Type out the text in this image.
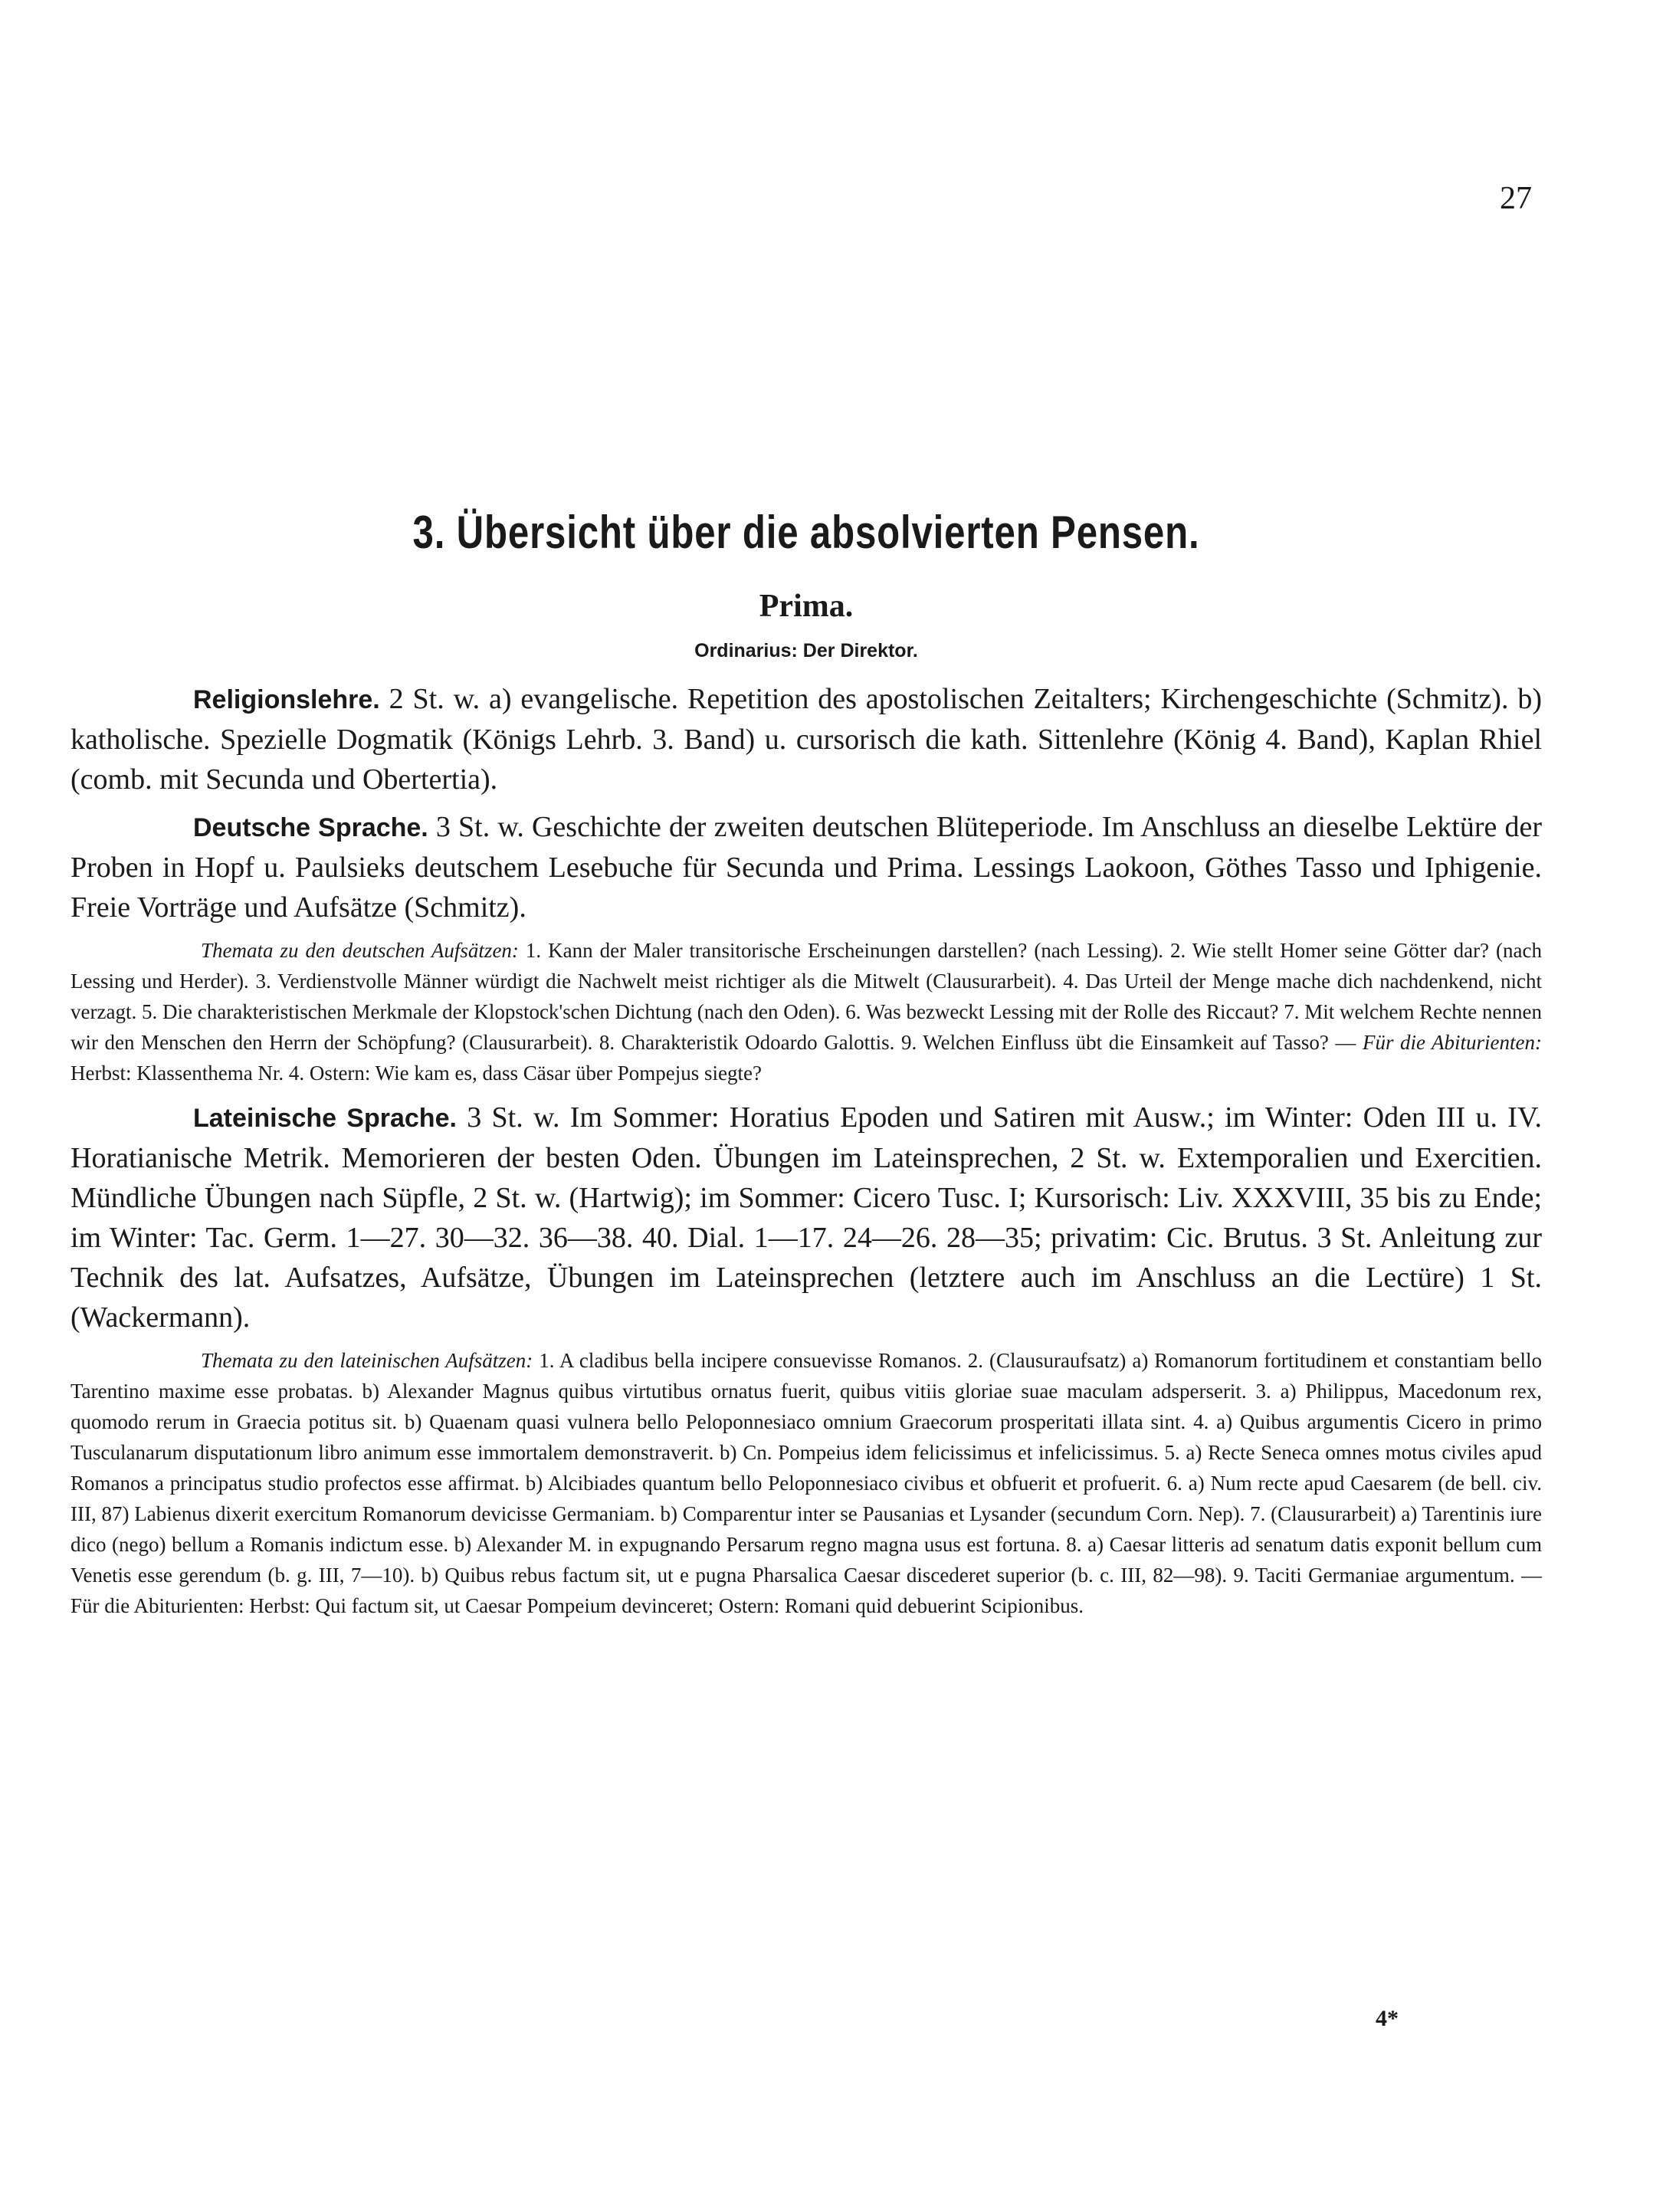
27
3. Übersicht über die absolvierten Pensen.
Prima.
Ordinarius: Der Direktor.

Religionslehre. 2 St. w. a) evangelische. Repetition des apostolischen Zeitalters; Kirchengeschichte (Schmitz). b) katholische. Spezielle Dogmatik (Königs Lehrb. 3. Band) u. cursorisch die kath. Sittenlehre (König 4. Band), Kaplan Rhiel (comb. mit Secunda und Obertertia).

Deutsche Sprache. 3 St. w. Geschichte der zweiten deutschen Blüteperiode. Im Anschluss an dieselbe Lektüre der Proben in Hopf u. Paulsieks deutschem Lesebuche für Secunda und Prima. Lessings Laokoon, Göthes Tasso und Iphigenie. Freie Vorträge und Aufsätze (Schmitz).

Themata zu den deutschen Aufsätzen: 1. Kann der Maler transitorische Erscheinungen darstellen? (nach Lessing). 2. Wie stellt Homer seine Götter dar? (nach Lessing und Herder). 3. Verdienstvolle Männer würdigt die Nachwelt meist richtiger als die Mitwelt (Clausurarbeit). 4. Das Urteil der Menge mache dich nachdenkend, nicht verzagt. 5. Die charakteristischen Merkmale der Klopstock'schen Dichtung (nach den Oden). 6. Was bezweckt Lessing mit der Rolle des Riccaut? 7. Mit welchem Rechte nennen wir den Menschen den Herrn der Schöpfung? (Clausurarbeit). 8. Charakteristik Odoardo Galottis. 9. Welchen Einfluss übt die Einsamkeit auf Tasso? — Für die Abiturienten: Herbst: Klassenthema Nr. 4. Ostern: Wie kam es, dass Cäsar über Pompejus siegte?

Lateinische Sprache. 3 St. w. Im Sommer: Horatius Epoden und Satiren mit Ausw.; im Winter: Oden III u. IV. Horatianische Metrik. Memorieren der besten Oden. Übungen im Lateinsprechen, 2 St. w. Extemporalien und Exercitien. Mündliche Übungen nach Süpfle, 2 St. w. (Hartwig); im Sommer: Cicero Tusc. I; Kursorisch: Liv. XXXVIII, 35 bis zu Ende; im Winter: Tac. Germ. 1—27. 30—32. 36—38. 40. Dial. 1—17. 24—26. 28—35; privatim: Cic. Brutus. 3 St. Anleitung zur Technik des lat. Aufsatzes, Aufsätze, Übungen im Lateinsprechen (letztere auch im Anschluss an die Lectüre) 1 St. (Wackermann).

Themata zu den lateinischen Aufsätzen: 1. A cladibus bella incipere consuevisse Romanos. 2. (Clausuraufsatz) a) Romanorum fortitudinem et constantiam bello Tarentino maxime esse probatas. b) Alexander Magnus quibus virtutibus ornatus fuerit, quibus vitiis gloriae suae maculam adsperserit. 3. a) Philippus, Macedonum rex, quomodo rerum in Graecia potitus sit. b) Quaenam quasi vulnera bello Peloponnesiaco omnium Graecorum prosperitati illata sint. 4. a) Quibus argumentis Cicero in primo Tusculanarum disputationum libro animum esse immortalem demonstraverit. b) Cn. Pompeius idem felicissimus et infelicissimus. 5. a) Recte Seneca omnes motus civiles apud Romanos a principatus studio profectos esse affirmat. b) Alcibiades quantum bello Peloponnesiaco civibus et obfuerit et profuerit. 6. a) Num recte apud Caesarem (de bell. civ. III, 87) Labienus dixerit exercitum Romanorum devicisse Germaniam. b) Comparentur inter se Pausanias et Lysander (secundum Corn. Nep). 7. (Clausurarbeit) a) Tarentinis iure dico (nego) bellum a Romanis indictum esse. b) Alexander M. in expugnando Persarum regno magna usus est fortuna. 8. a) Caesar litteris ad senatum datis exponit bellum cum Venetis esse gerendum (b. g. III, 7—10). b) Quibus rebus factum sit, ut e pugna Pharsalica Caesar discederet superior (b. c. III, 82—98). 9. Taciti Germaniae argumentum. — Für die Abiturienten: Herbst: Qui factum sit, ut Caesar Pompeium devinceret; Ostern: Romani quid debuerint Scipionibus.

4*
